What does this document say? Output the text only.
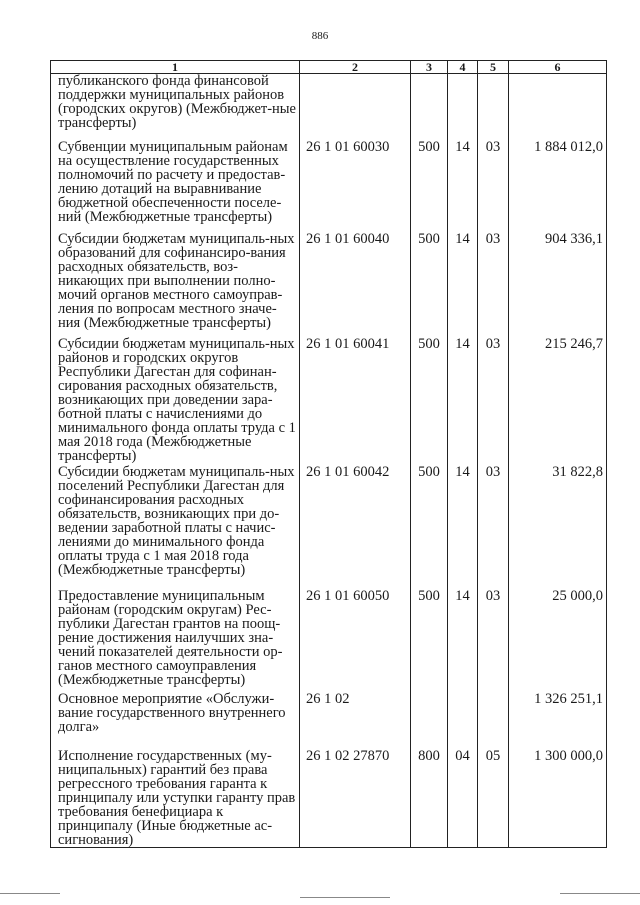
886
1	2	3	4	5	6
публиканского фонда финансовой поддержки муниципальных районов (городских округов) (Межбюджет-ные трансферты)					
Субвенции муниципальным районам на осуществление государственных полномочий по расчету и предостав-лению дотаций на выравнивание бюджетной обеспеченности поселе-ний (Межбюджетные трансферты)	26 1 01 60030	500	14	03	1 884 012,0
Субсидии бюджетам муниципаль-ных образований для софинансиро-вания расходных обязательств, воз-никающих при выполнении полно-мочий органов местного самоуправ-ления по вопросам местного значе-ния (Межбюджетные трансферты)	26 1 01 60040	500	14	03	904 336,1
Субсидии бюджетам муниципаль-ных районов и городских округов Республики Дагестан для софинан-сирования расходных обязательств, возникающих при доведении зара-ботной платы с начислениями до минимального фонда оплаты труда с 1 мая 2018 года (Межбюджетные трансферты)	26 1 01 60041	500	14	03	215 246,7
Субсидии бюджетам муниципаль-ных поселений Республики Дагестан для софинансирования расходных обязательств, возникающих при до-ведении заработной платы с начис-лениями до минимального фонда оплаты труда с 1 мая 2018 года (Межбюджетные трансферты)	26 1 01 60042	500	14	03	31 822,8
Предоставление муниципальным районам (городским округам) Рес-публики Дагестан грантов на поощ-рение достижения наилучших зна-чений показателей деятельности ор-ганов местного самоуправления (Межбюджетные трансферты)	26 1 01 60050	500	14	03	25 000,0
Основное мероприятие «Обслужи-вание государственного внутреннего долга»	26 1 02				1 326 251,1
Исполнение государственных (му-ниципальных) гарантий без права регрессного требования гаранта к принципалу или уступки гаранту прав требования бенефициара к принципалу (Иные бюджетные ас-сигнования)	26 1 02 27870	800	04	05	1 300 000,0
